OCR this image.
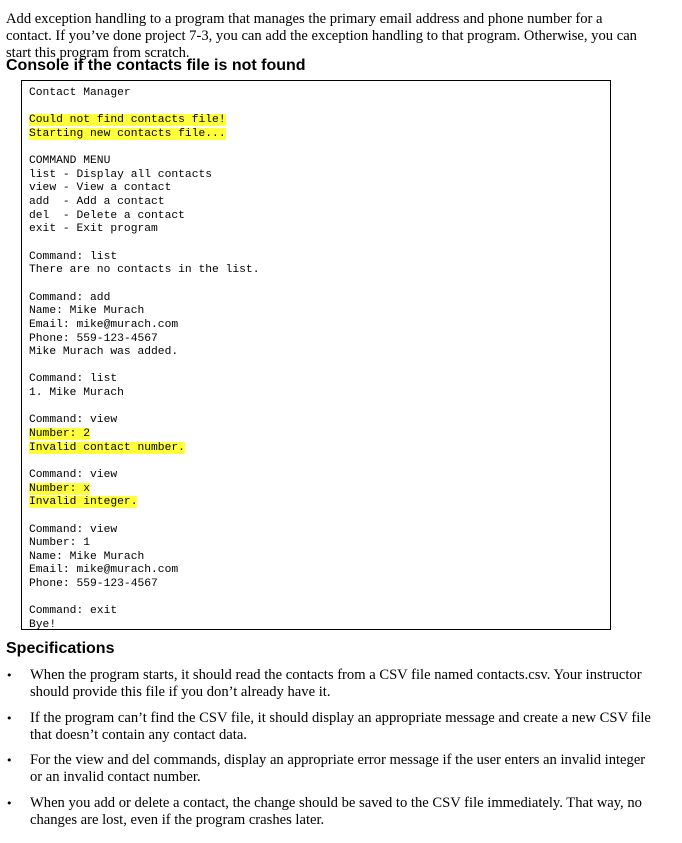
Add exception handling to a program that manages the primary email address and phone number for a contact. If you’ve done project 7-3, you can add the exception handling to that program. Otherwise, you can start this program from scratch.

Console if the contacts file is not found
Contact Manager
Could not find contacts file!
Starting new contacts file...
COMMAND MENU
list - Display all contacts
view - View a contact
add  - Add a contact
del  - Delete a contact
exit - Exit program
Command: list
There are no contacts in the list.
Command: add
Name: Mike Murach
Email: mike@murach.com
Phone: 559-123-4567
Mike Murach was added.
Command: list
1. Mike Murach
Command: view
Number: 2
Invalid contact number.
Command: view
Number: x
Invalid integer.
Command: view
Number: 1
Name: Mike Murach
Email: mike@murach.com
Phone: 559-123-4567
Command: exit
Bye!
Specifications
• When the program starts, it should read the contacts from a CSV file named contacts.csv. Your instructor should provide this file if you don’t already have it.
• If the program can’t find the CSV file, it should display an appropriate message and create a new CSV file that doesn’t contain any contact data.
• For the view and del commands, display an appropriate error message if the user enters an invalid integer or an invalid contact number.
• When you add or delete a contact, the change should be saved to the CSV file immediately. That way, no changes are lost, even if the program crashes later.
